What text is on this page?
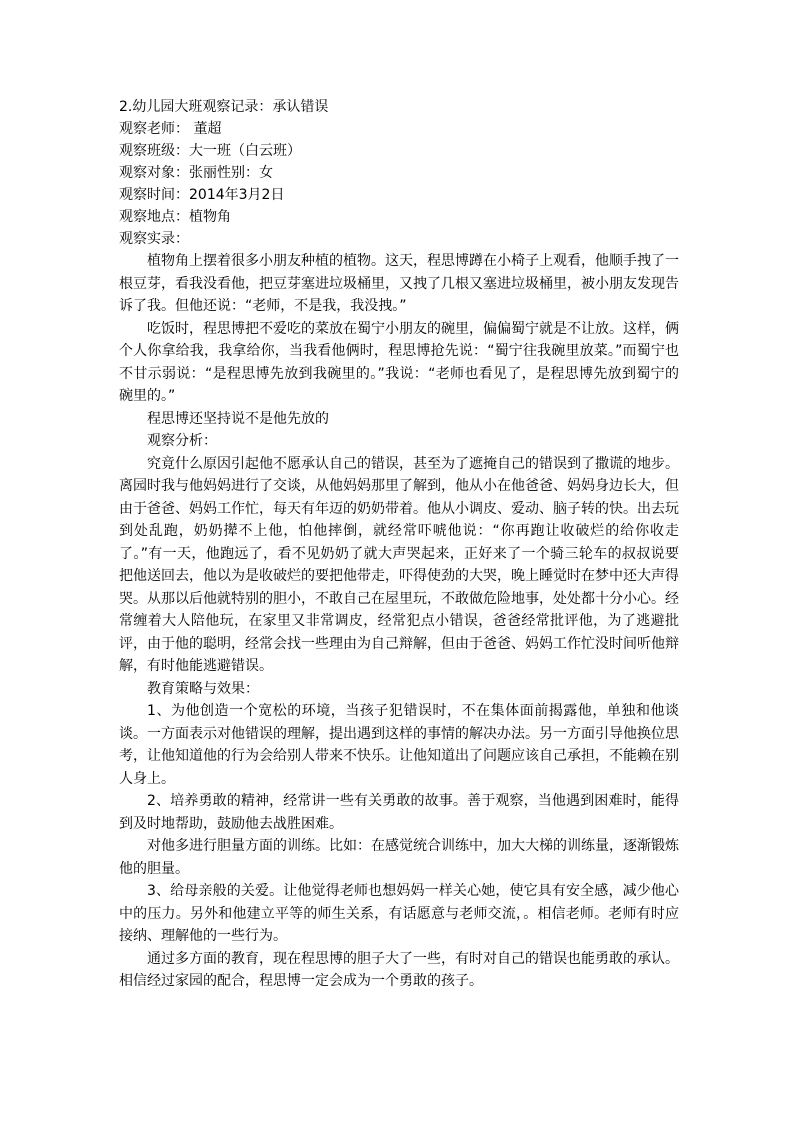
2.幼儿园大班观察记录：承认错误

观察老师： 董超

观察班级：大一班（白云班）

观察对象：张丽性别：女

观察时间：2014年3月2日

观察地点：植物角

观察实录：

植物角上摆着很多小朋友种植的植物。这天，程思博蹲在小椅子上观看，他顺手拽了一根豆芽，看我没看他，把豆芽塞进垃圾桶里，又拽了几根又塞进垃圾桶里，被小朋友发现告诉了我。但他还说：“老师，不是我，我没拽。”

吃饭时，程思博把不爱吃的菜放在蜀宁小朋友的碗里，偏偏蜀宁就是不让放。这样，俩个人你拿给我，我拿给你，当我看他俩时，程思博抢先说：“蜀宁往我碗里放菜。”而蜀宁也不甘示弱说：“是程思博先放到我碗里的。”我说：“老师也看见了，是程思博先放到蜀宁的碗里的。”

程思博还坚持说不是他先放的

观察分析：

究竟什么原因引起他不愿承认自己的错误，甚至为了遮掩自己的错误到了撒谎的地步。离园时我与他妈妈进行了交谈，从他妈妈那里了解到，他从小在他爸爸、妈妈身边长大，但由于爸爸、妈妈工作忙，每天有年迈的奶奶带着。他从小调皮、爱动、脑子转的快。出去玩到处乱跑，奶奶撵不上他，怕他摔倒，就经常吓唬他说：“你再跑让收破烂的给你收走了。”有一天，他跑远了，看不见奶奶了就大声哭起来，正好来了一个骑三轮车的叔叔说要把他送回去，他以为是收破烂的要把他带走，吓得使劲的大哭，晚上睡觉时在梦中还大声得哭。从那以后他就特别的胆小，不敢自己在屋里玩，不敢做危险地事，处处都十分小心。经常缠着大人陪他玩，在家里又非常调皮，经常犯点小错误，爸爸经常批评他，为了逃避批评，由于他的聪明，经常会找一些理由为自己辩解，但由于爸爸、妈妈工作忙没时间听他辩解，有时他能逃避错误。

教育策略与效果：

1、为他创造一个宽松的环境，当孩子犯错误时，不在集体面前揭露他，单独和他谈谈。一方面表示对他错误的理解，提出遇到这样的事情的解决办法。另一方面引导他换位思考，让他知道他的行为会给别人带来不快乐。让他知道出了问题应该自己承担，不能赖在别人身上。

2、培养勇敢的精神，经常讲一些有关勇敢的故事。善于观察，当他遇到困难时，能得到及时地帮助，鼓励他去战胜困难。

对他多进行胆量方面的训练。比如：在感觉统合训练中，加大大梯的训练量，逐渐锻炼他的胆量。

3、给母亲般的关爱。让他觉得老师也想妈妈一样关心她，使它具有安全感，减少他心中的压力。另外和他建立平等的师生关系，有话愿意与老师交流，。相信老师。老师有时应接纳、理解他的一些行为。

通过多方面的教育，现在程思博的胆子大了一些，有时对自己的错误也能勇敢的承认。相信经过家园的配合，程思博一定会成为一个勇敢的孩子。
